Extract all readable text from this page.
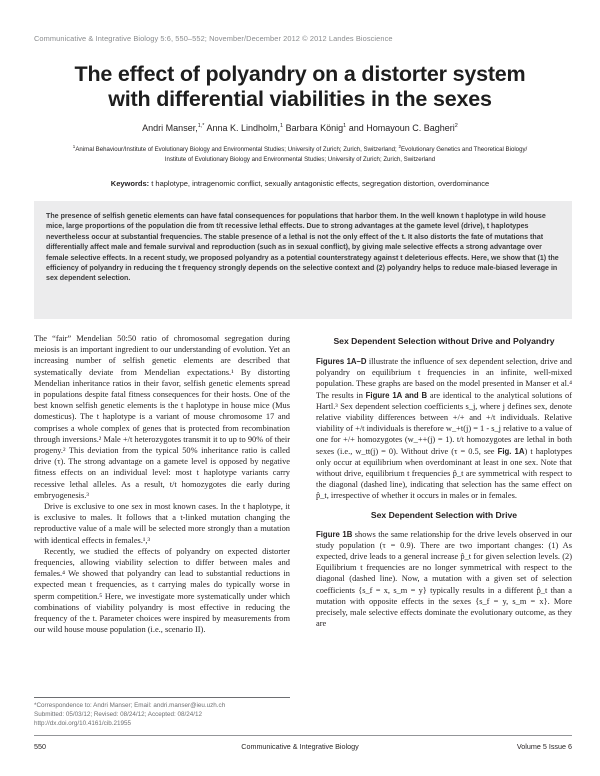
Communicative & Integrative Biology 5:6, 550–552; November/December 2012 © 2012 Landes Bioscience
The effect of polyandry on a distorter system
with differential viabilities in the sexes
Andri Manser,$^{1,*}$ Anna K. Lindholm,$^1$ Barbara König$^1$ and Homayoun C. Bagheri$^2$
$^1$Animal Behaviour/Institute of Evolutionary Biology and Environmental Studies; University of Zurich; Zurich, Switzerland; $^2$Evolutionary Genetics and Theoretical Biology/
Institute of Evolutionary Biology and Environmental Studies; University of Zurich; Zurich, Switzerland
Keywords: t haplotype, intragenomic conflict, sexually antagonistic effects, segregation distortion, overdominance

The presence of selfish genetic elements can have fatal consequences for populations that harbor them. In the well known t haplotype in wild house mice, large proportions of the population die from t/t recessive lethal effects. Due to strong advantages at the gamete level (drive), t haplotypes nevertheless occur at substantial frequencies. The stable presence of a lethal is not the only effect of the t. It also distorts the fate of mutations that differentially affect male and female survival and reproduction (such as in sexual conflict), by giving male selective effects a strong advantage over female selective effects. In a recent study, we proposed polyandry as a potential counterstrategy against t deleterious effects. Here, we show that (1) the efficiency of polyandry in reducing the t frequency strongly depends on the selective context and (2) polyandry helps to reduce male-biased leverage in sex dependent selection.

The “fair” Mendelian 50:50 ratio of chromosomal segregation during meiosis is an important ingredient to our understanding of evolution. Yet an increasing number of selfish genetic elements are described that systematically deviate from Mendelian expectations.¹ By distorting Mendelian inheritance ratios in their favor, selfish genetic elements spread in populations despite fatal fitness consequences for their hosts. One of the best known selfish genetic elements is the t haplotype in house mice (Mus domesticus). The t haplotype is a variant of mouse chromosome 17 and comprises a whole complex of genes that is protected from recombination through inversions.² Male +/t heterozygotes transmit it to up to 90% of their progeny.² This deviation from the typical 50% inheritance ratio is called drive (τ). The strong advantage on a gamete level is opposed by negative fitness effects on an individual level: most t haplotype variants carry recessive lethal alleles. As a result, t/t homozygotes die early during embryogenesis.³

Drive is exclusive to one sex in most known cases. In the t haplotype, it is exclusive to males. It follows that a t-linked mutation changing the reproductive value of a male will be selected more strongly than a mutation with identical effects in females.¹,³

Recently, we studied the effects of polyandry on expected distorter frequencies, allowing viability selection to differ between males and females.⁴ We showed that polyandry can lead to substantial reductions in expected mean t frequencies, as t carrying males do typically worse in sperm competition.⁵ Here, we investigate more systematically under which combinations of viability polyandry is most effective in reducing the frequency of the t. Parameter choices were inspired by measurements from our wild house mouse population (i.e., scenario II).

Sex Dependent Selection without Drive and Polyandry

Figures 1A–D illustrate the influence of sex dependent selection, drive and polyandry on equilibrium t frequencies in an infinite, well-mixed population. These graphs are based on the model presented in Manser et al.⁴ The results in Figure 1A and B are identical to the analytical solutions of Hartl.³ Sex dependent selection coefficients s_j, where j defines sex, denote relative viability differences between +/+ and +/t individuals. Relative viability of +/t individuals is therefore w_+t(j) = 1 - s_j relative to a value of one for +/+ homozygotes (w_++(j) = 1). t/t homozygotes are lethal in both sexes (i.e., w_tt(j) = 0). Without drive (τ = 0.5, see Fig. 1A) t haplotypes only occur at equilibrium when overdominant at least in one sex. Note that without drive, equilibrium t frequencies p̂_t are symmetrical with respect to the diagonal (dashed line), indicating that selection has the same effect on p̂_t, irrespective of whether it occurs in males or in females.

Sex Dependent Selection with Drive

Figure 1B shows the same relationship for the drive levels observed in our study population (τ = 0.9). There are two important changes: (1) As expected, drive leads to a general increase p̂_t for given selection levels. (2) Equilibrium t frequencies are no longer symmetrical with respect to the diagonal (dashed line). Now, a mutation with a given set of selection coefficients {s_f = x, s_m = y} typically results in a different p̂_t than a mutation with opposite effects in the sexes {s_f = y, s_m = x}. More precisely, male selective effects dominate the evolutionary outcome, as they are

*Correspondence to: Andri Manser; Email: andri.manser@ieu.uzh.ch
Submitted: 05/03/12; Revised: 08/24/12; Accepted: 08/24/12
http://dx.doi.org/10.4161/cib.21955
550	Communicative & Integrative Biology	Volume 5 Issue 6
